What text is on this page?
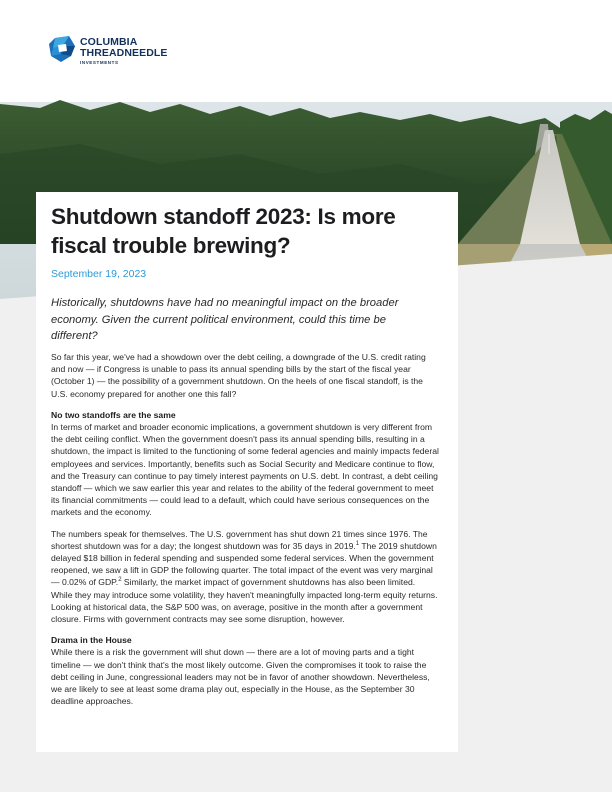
COLUMBIA
THREADNEEDLE
INVESTMENTS
Shutdown standoff 2023: Is more fiscal trouble brewing?

September 19, 2023

Historically, shutdowns have had no meaningful impact on the broader economy. Given the current political environment, could this time be different?

So far this year, we've had a showdown over the debt ceiling, a downgrade of the U.S. credit rating and now — if Congress is unable to pass its annual spending bills by the start of the fiscal year (October 1) — the possibility of a government shutdown. On the heels of one fiscal standoff, is the U.S. economy prepared for another one this fall?

No two standoffs are the same

In terms of market and broader economic implications, a government shutdown is very different from the debt ceiling conflict. When the government doesn't pass its annual spending bills, resulting in a shutdown, the impact is limited to the functioning of some federal agencies and mainly impacts federal employees and services. Importantly, benefits such as Social Security and Medicare continue to flow, and the Treasury can continue to pay timely interest payments on U.S. debt. In contrast, a debt ceiling standoff — which we saw earlier this year and relates to the ability of the federal government to meet its financial commitments — could lead to a default, which could have serious consequences on the markets and the economy.

The numbers speak for themselves. The U.S. government has shut down 21 times since 1976. The shortest shutdown was for a day; the longest shutdown was for 35 days in 2019.$^1$ The 2019 shutdown delayed $18 billion in federal spending and suspended some federal services. When the government reopened, we saw a lift in GDP the following quarter. The total impact of the event was very marginal — 0.02% of GDP.$^2$ Similarly, the market impact of government shutdowns has also been limited. While they may introduce some volatility, they haven't meaningfully impacted long-term equity returns. Looking at historical data, the S&P 500 was, on average, positive in the month after a government closure. Firms with government contracts may see some disruption, however.

Drama in the House

While there is a risk the government will shut down — there are a lot of moving parts and a tight timeline — we don't think that's the most likely outcome. Given the compromises it took to raise the debt ceiling in June, congressional leaders may not be in favor of another showdown. Nevertheless, we are likely to see at least some drama play out, especially in the House, as the September 30 deadline approaches.
